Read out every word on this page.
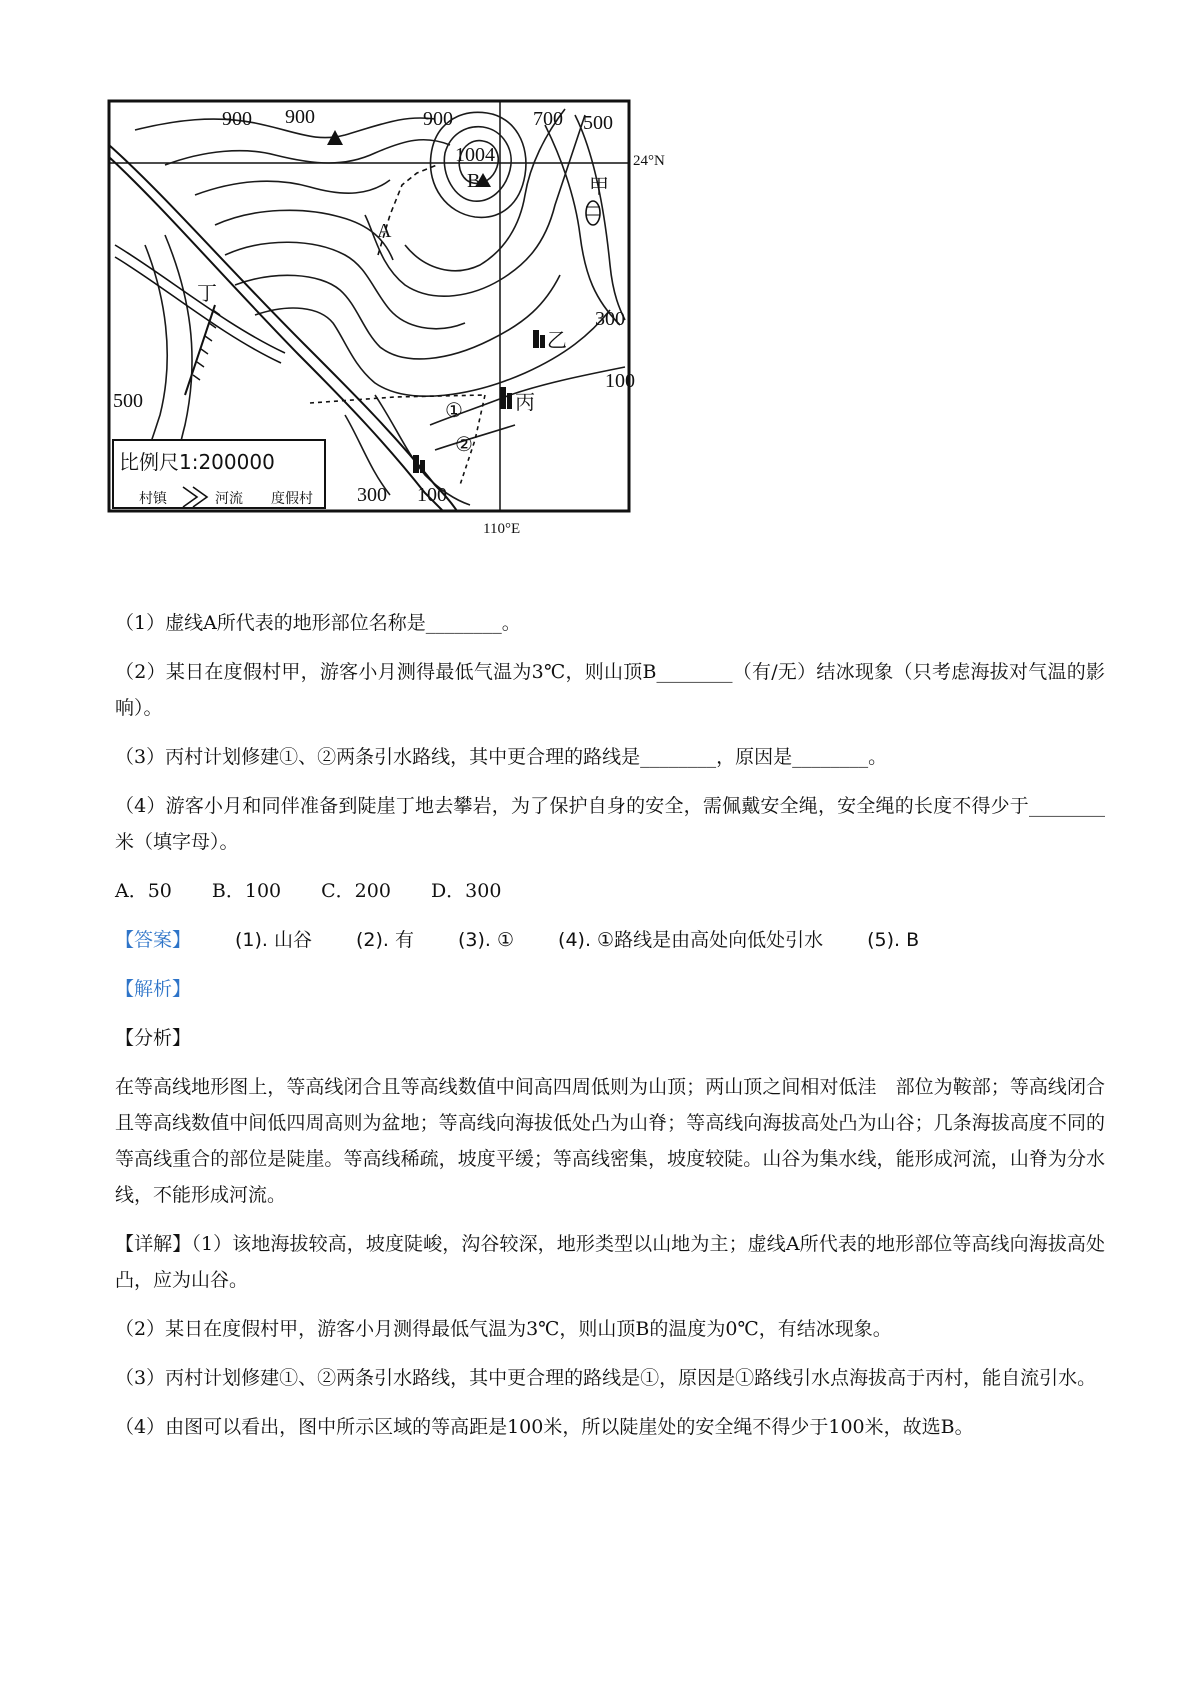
900 900	900	700 500
1004
B
A
300
100
500
300 100
24°N
110°E
甲
乙
丙
丁
①
②
比例尺1:200000
村镇	河流 度假村
（1）虚线A所代表的地形部位名称是________。
（2）某日在度假村甲，游客小月测得最低气温为3℃，则山顶B________（有/无）结冰现象（只考虑海拔对气温的影响）。
（3）丙村计划修建①、②两条引水路线，其中更合理的路线是________，原因是________。
（4）游客小月和同伴准备到陡崖丁地去攀岩，为了保护自身的安全，需佩戴安全绳，安全绳的长度不得少于________米（填字母）。
A．50 B．100 C．200 D．300
【答案】 (1). 山谷 (2). 有 (3). ① (4). ①路线是由高处向低处引水 (5). B
【解析】
【分析】
在等高线地形图上，等高线闭合且等高线数值中间高四周低则为山顶；两山顶之间相对低洼　部位为鞍部；等高线闭合且等高线数值中间低四周高则为盆地；等高线向海拔低处凸为山脊；等高线向海拔高处凸为山谷；几条海拔高度不同的等高线重合的部位是陡崖。等高线稀疏，坡度平缓；等高线密集，坡度较陡。山谷为集水线，能形成河流，山脊为分水线，不能形成河流。
【详解】（1）该地海拔较高，坡度陡峻，沟谷较深，地形类型以山地为主；虚线A所代表的地形部位等高线向海拔高处凸，应为山谷。
（2）某日在度假村甲，游客小月测得最低气温为3℃，则山顶B的温度为0℃，有结冰现象。
（3）丙村计划修建①、②两条引水路线，其中更合理的路线是①，原因是①路线引水点海拔高于丙村，能自流引水。
（4）由图可以看出，图中所示区域的等高距是100米，所以陡崖处的安全绳不得少于100米，故选B。
